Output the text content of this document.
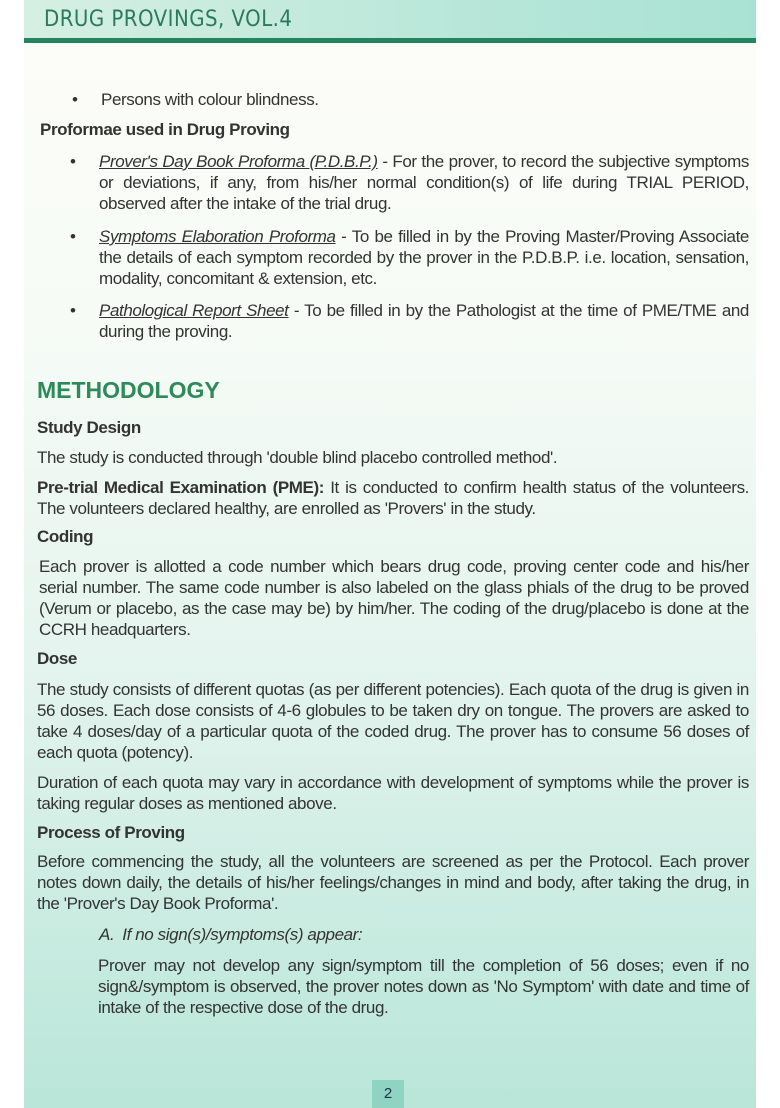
DRUG PROVINGS, VOL.4
• Persons with colour blindness.
Proformae used in Drug Proving
• Prover's Day Book Proforma (P.D.B.P.) - For the prover, to record the subjective symptoms or deviations, if any, from his/her normal condition(s) of life during TRIAL PERIOD, observed after the intake of the trial drug.
• Symptoms Elaboration Proforma - To be filled in by the Proving Master/Proving Associate the details of each symptom recorded by the prover in the P.D.B.P. i.e. location, sensation, modality, concomitant & extension, etc.
• Pathological Report Sheet - To be filled in by the Pathologist at the time of PME/TME and during the proving.
METHODOLOGY
Study Design
The study is conducted through 'double blind placebo controlled method'.
Pre-trial Medical Examination (PME): It is conducted to confirm health status of the volunteers. The volunteers declared healthy, are enrolled as 'Provers' in the study.
Coding
Each prover is allotted a code number which bears drug code, proving center code and his/her serial number. The same code number is also labeled on the glass phials of the drug to be proved (Verum or placebo, as the case may be) by him/her. The coding of the drug/placebo is done at the CCRH headquarters.
Dose
The study consists of different quotas (as per different potencies). Each quota of the drug is given in 56 doses. Each dose consists of 4-6 globules to be taken dry on tongue. The provers are asked to take 4 doses/day of a particular quota of the coded drug. The prover has to consume 56 doses of each quota (potency).
Duration of each quota may vary in accordance with development of symptoms while the prover is taking regular doses as mentioned above.
Process of Proving
Before commencing the study, all the volunteers are screened as per the Protocol. Each prover notes down daily, the details of his/her feelings/changes in mind and body, after taking the drug, in the 'Prover's Day Book Proforma'.
A. If no sign(s)/symptoms(s) appear:
Prover may not develop any sign/symptom till the completion of 56 doses; even if no sign&/symptom is observed, the prover notes down as 'No Symptom' with date and time of intake of the respective dose of the drug.
2
